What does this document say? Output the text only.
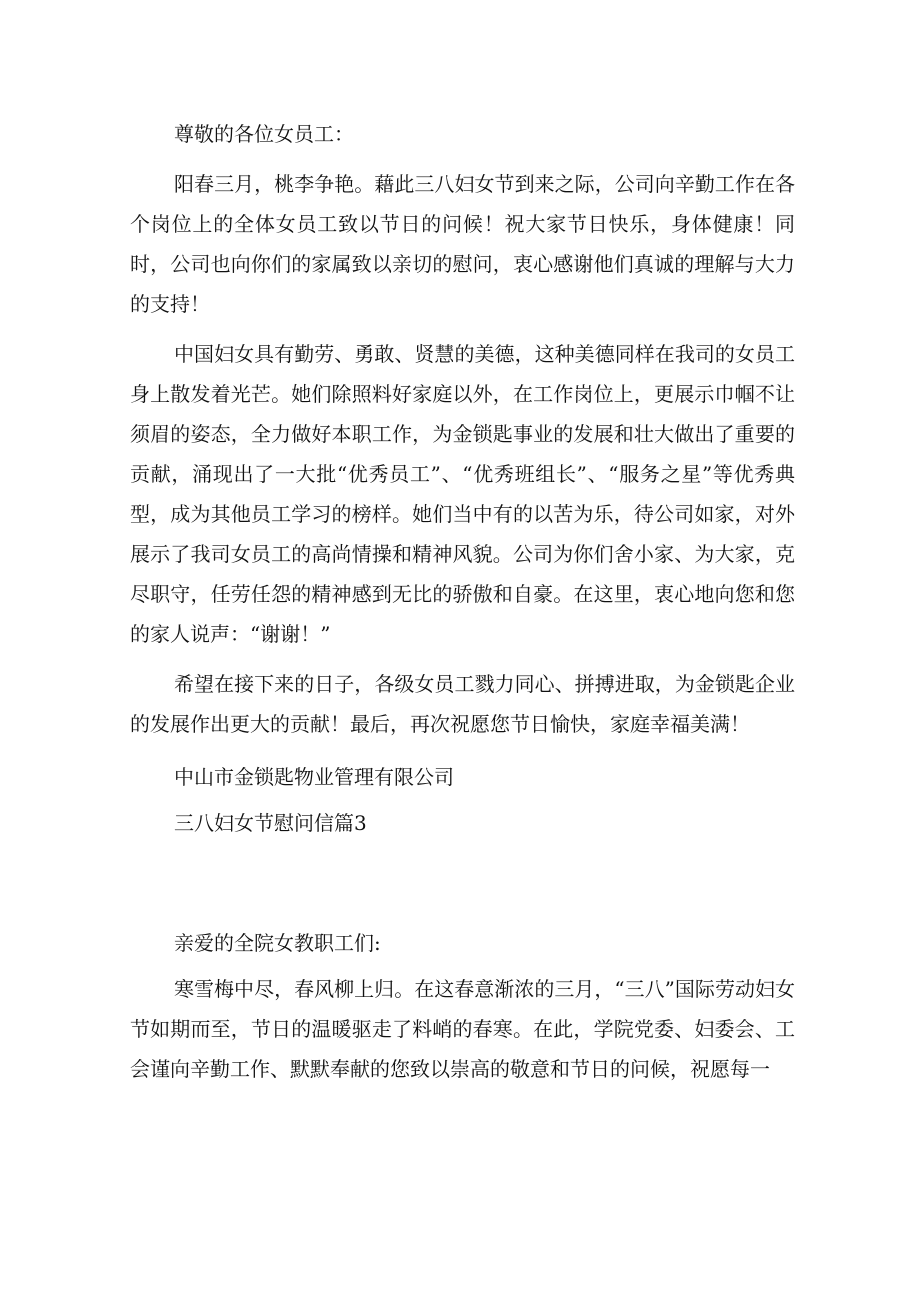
尊敬的各位女员工：

阳春三月，桃李争艳。藉此三八妇女节到来之际，公司向辛勤工作在各个岗位上的全体女员工致以节日的问候！祝大家节日快乐，身体健康！同时，公司也向你们的家属致以亲切的慰问，衷心感谢他们真诚的理解与大力的支持！

中国妇女具有勤劳、勇敢、贤慧的美德，这种美德同样在我司的女员工身上散发着光芒。她们除照料好家庭以外，在工作岗位上，更展示巾帼不让须眉的姿态，全力做好本职工作，为金锁匙事业的发展和壮大做出了重要的贡献，涌现出了一大批“优秀员工”、“优秀班组长”、“服务之星”等优秀典型，成为其他员工学习的榜样。她们当中有的以苦为乐，待公司如家，对外展示了我司女员工的高尚情操和精神风貌。公司为你们舍小家、为大家，克尽职守，任劳任怨的精神感到无比的骄傲和自豪。在这里，衷心地向您和您的家人说声：“谢谢！”

希望在接下来的日子，各级女员工戮力同心、拼搏进取，为金锁匙企业的发展作出更大的贡献！最后，再次祝愿您节日愉快，家庭幸福美满！

中山市金锁匙物业管理有限公司

三八妇女节慰问信篇3

亲爱的全院女教职工们:

寒雪梅中尽，春风柳上归。在这春意渐浓的三月，“三八”国际劳动妇女节如期而至，节日的温暖驱走了料峭的春寒。在此，学院党委、妇委会、工会谨向辛勤工作、默默奉献的您致以崇高的敬意和节日的问候，祝愿每一
